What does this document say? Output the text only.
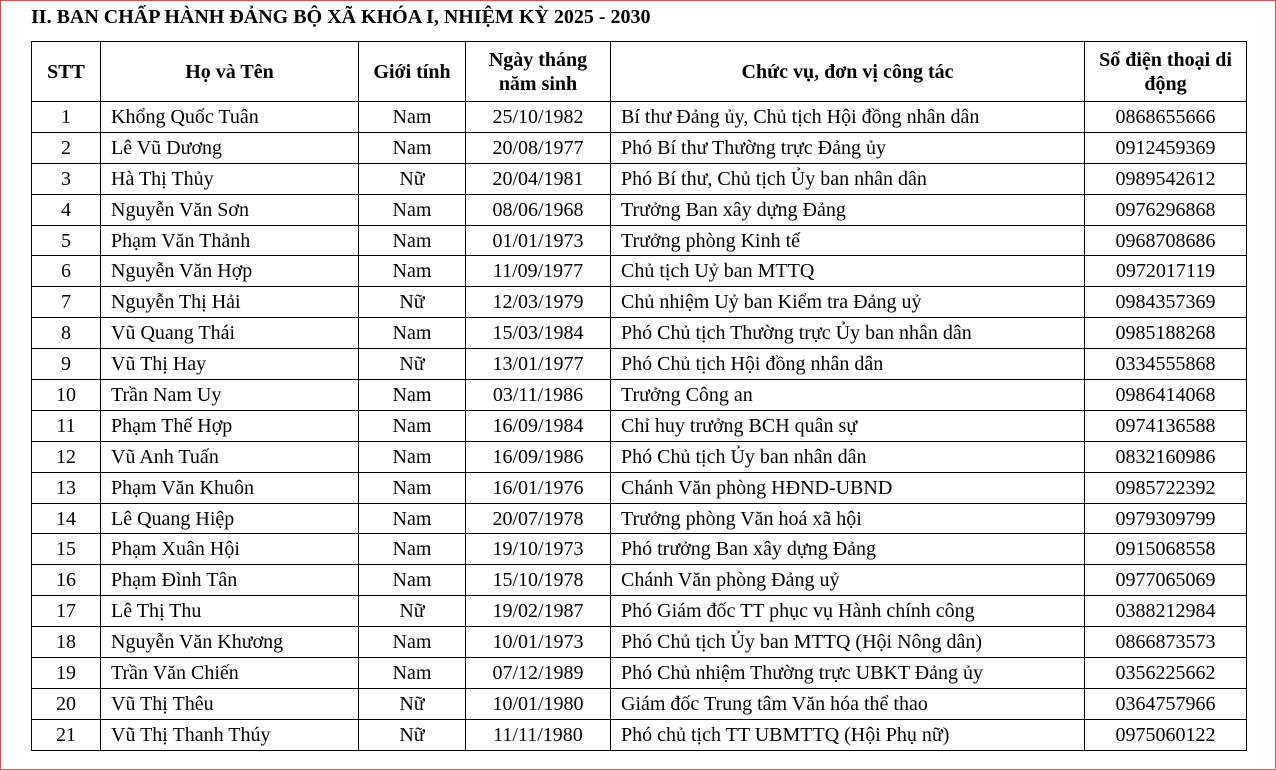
II. BAN CHẤP HÀNH ĐẢNG BỘ XÃ KHÓA I, NHIỆM KỲ 2025 - 2030
STT	Họ và Tên	Giới tính	Ngày tháng năm sinh	Chức vụ, đơn vị công tác	Số điện thoại di động
1	Khổng Quốc Tuân	Nam	25/10/1982	Bí thư Đảng ủy, Chủ tịch Hội đồng nhân dân	0868655666
2	Lê Vũ Dương	Nam	20/08/1977	Phó Bí thư Thường trực Đảng ủy	0912459369
3	Hà Thị Thủy	Nữ	20/04/1981	Phó Bí thư, Chủ tịch Ủy ban nhân dân	0989542612
4	Nguyễn Văn Sơn	Nam	08/06/1968	Trưởng Ban xây dựng Đảng	0976296868
5	Phạm Văn Thảnh	Nam	01/01/1973	Trưởng phòng Kinh tế	0968708686
6	Nguyễn Văn Hợp	Nam	11/09/1977	Chủ tịch Uỷ ban MTTQ	0972017119
7	Nguyễn Thị Hải	Nữ	12/03/1979	Chủ nhiệm Uỷ ban Kiểm tra Đảng uỷ	0984357369
8	Vũ Quang Thái	Nam	15/03/1984	Phó Chủ tịch Thường trực Ủy ban nhân dân	0985188268
9	Vũ Thị Hay	Nữ	13/01/1977	Phó Chủ tịch Hội đồng nhân dân	0334555868
10	Trần Nam Uy	Nam	03/11/1986	Trưởng Công an	0986414068
11	Phạm Thế Hợp	Nam	16/09/1984	Chỉ huy trưởng BCH quân sự	0974136588
12	Vũ Anh Tuấn	Nam	16/09/1986	Phó Chủ tịch Ủy ban nhân dân	0832160986
13	Phạm Văn Khuôn	Nam	16/01/1976	Chánh Văn phòng HĐND-UBND	0985722392
14	Lê Quang Hiệp	Nam	20/07/1978	Trưởng phòng Văn hoá xã hội	0979309799
15	Phạm Xuân Hội	Nam	19/10/1973	Phó trưởng Ban xây dựng Đảng	0915068558
16	Phạm Đình Tân	Nam	15/10/1978	Chánh Văn phòng Đảng uỷ	0977065069
17	Lê Thị Thu	Nữ	19/02/1987	Phó Giám đốc TT phục vụ Hành chính công	0388212984
18	Nguyễn Văn Khương	Nam	10/01/1973	Phó Chủ tịch Ủy ban MTTQ (Hội Nông dân)	0866873573
19	Trần Văn Chiến	Nam	07/12/1989	Phó Chủ nhiệm Thường trực UBKT Đảng ủy	0356225662
20	Vũ Thị Thêu	Nữ	10/01/1980	Giám đốc Trung tâm Văn hóa thể thao	0364757966
21	Vũ Thị Thanh Thúy	Nữ	11/11/1980	Phó chủ tịch TT UBMTTQ (Hội Phụ nữ)	0975060122
